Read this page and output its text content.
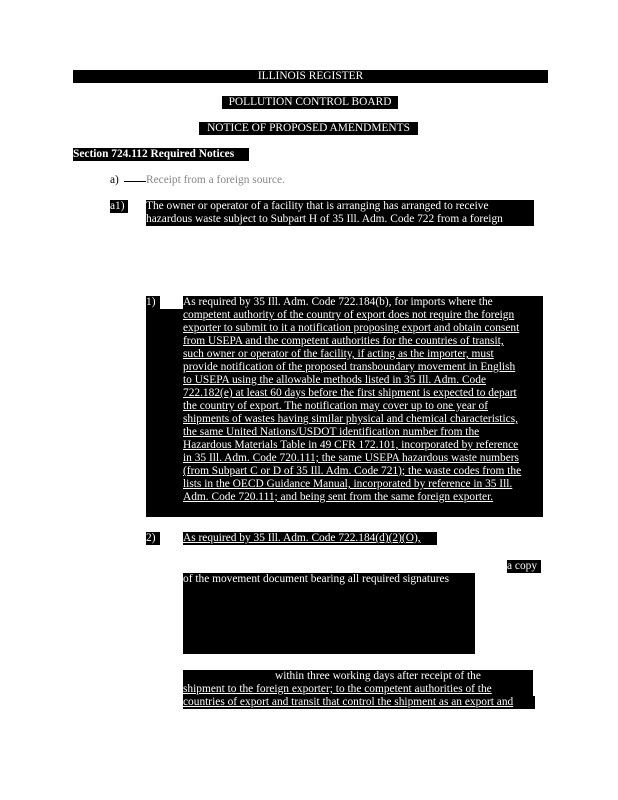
ILLINOIS REGISTER
POLLUTION CONTROL BOARD
NOTICE OF PROPOSED AMENDMENTS
Section 724.112 Required Notices
a)	Receipt from a foreign source.
a1)	The owner or operator of a facility that is arranging has arranged to receive
hazardous waste subject to Subpart H of 35 Ill. Adm. Code 722 from a foreign
1)	As required by 35 Ill. Adm. Code 722.184(b), for imports where the
competent authority of the country of export does not require the foreign
exporter to submit to it a notification proposing export and obtain consent
from USEPA and the competent authorities for the countries of transit,
such owner or operator of the facility, if acting as the importer, must
provide notification of the proposed transboundary movement in English
to USEPA using the allowable methods listed in 35 Ill. Adm. Code
722.182(e) at least 60 days before the first shipment is expected to depart
the country of export. The notification may cover up to one year of
shipments of wastes having similar physical and chemical characteristics,
the same United Nations/USDOT identification number from the
Hazardous Materials Table in 49 CFR 172.101, incorporated by reference
in 35 Ill. Adm. Code 720.111; the same USEPA hazardous waste numbers
(from Subpart C or D of 35 Ill. Adm. Code 721); the waste codes from the
lists in the OECD Guidance Manual, incorporated by reference in 35 Ill.
Adm. Code 720.111; and being sent from the same foreign exporter.
2)	As required by 35 Ill. Adm. Code 722.184(d)(2)(O),
a copy
of the movement document bearing all required signatures
within three working days after receipt of the
shipment to the foreign exporter; to the competent authorities of the
countries of export and transit that control the shipment as an export and
